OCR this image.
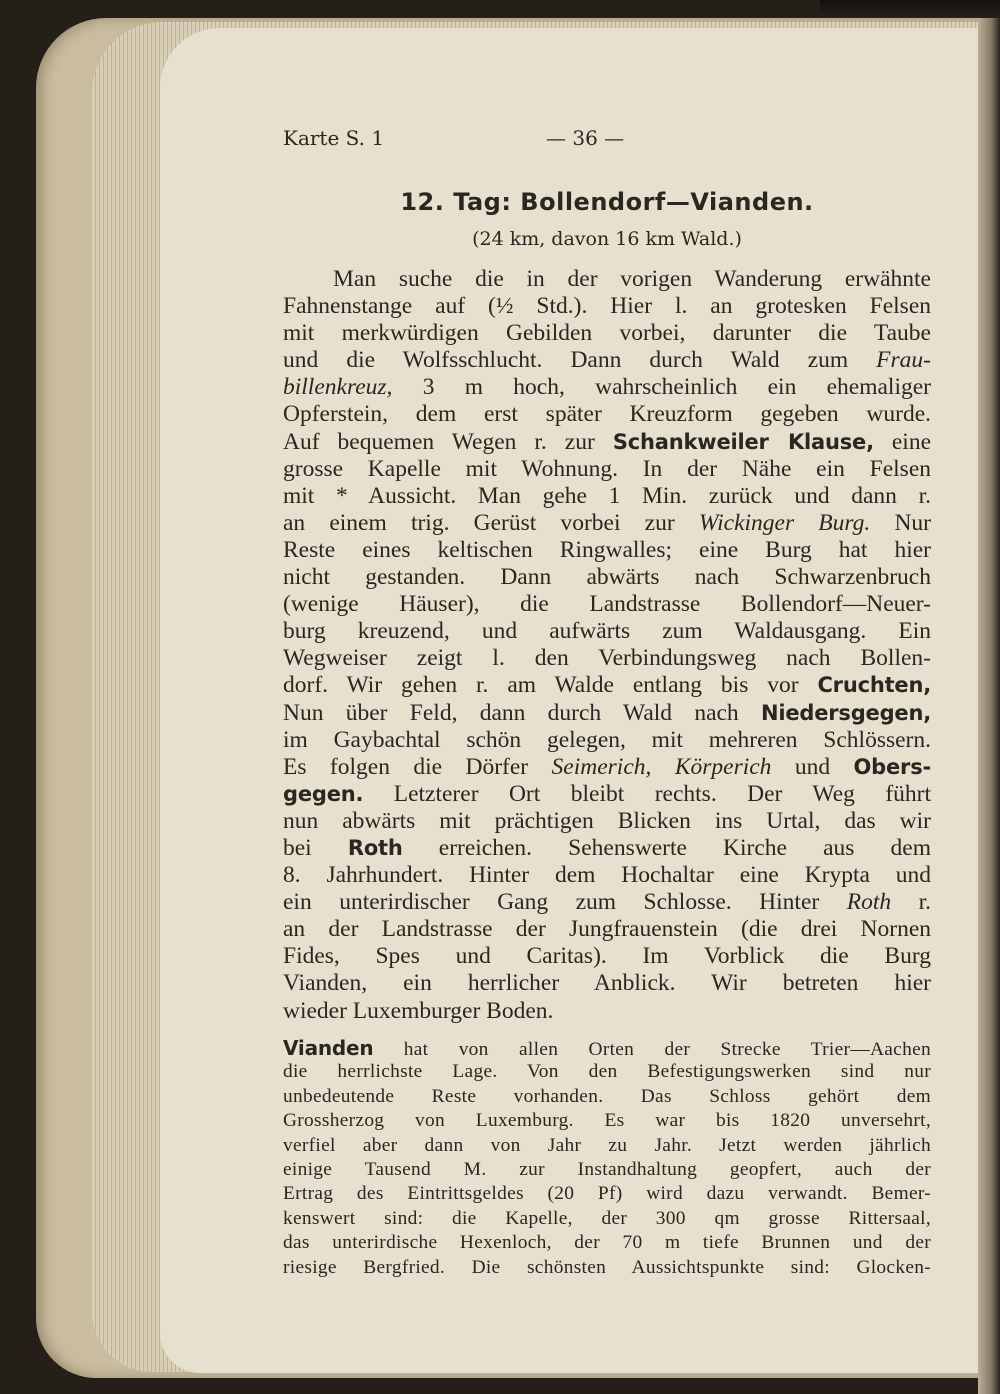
Karte S. 1	— 36 —
12. Tag: Bollendorf—Vianden.
(24 km, davon 16 km Wald.)
Man suche die in der vorigen Wanderung erwähnte
Fahnenstange auf (½ Std.). Hier l. an grotesken Felsen
mit merkwürdigen Gebilden vorbei, darunter die Taube
und die Wolfsschlucht. Dann durch Wald zum Frau-
billenkreuz, 3 m hoch, wahrscheinlich ein ehemaliger
Opferstein, dem erst später Kreuzform gegeben wurde.
Auf bequemen Wegen r. zur Schankweiler Klause, eine
grosse Kapelle mit Wohnung. In der Nähe ein Felsen
mit * Aussicht. Man gehe 1 Min. zurück und dann r.
an einem trig. Gerüst vorbei zur Wickinger Burg. Nur
Reste eines keltischen Ringwalles; eine Burg hat hier
nicht gestanden. Dann abwärts nach Schwarzenbruch
(wenige Häuser), die Landstrasse Bollendorf—Neuer-
burg kreuzend, und aufwärts zum Waldausgang. Ein
Wegweiser zeigt l. den Verbindungsweg nach Bollen-
dorf. Wir gehen r. am Walde entlang bis vor Cruchten,
Nun über Feld, dann durch Wald nach Niedersgegen,
im Gaybachtal schön gelegen, mit mehreren Schlössern.
Es folgen die Dörfer Seimerich, Körperich und Obers-
gegen. Letzterer Ort bleibt rechts. Der Weg führt
nun abwärts mit prächtigen Blicken ins Urtal, das wir
bei Roth erreichen. Sehenswerte Kirche aus dem
8. Jahrhundert. Hinter dem Hochaltar eine Krypta und
ein unterirdischer Gang zum Schlosse. Hinter Roth r.
an der Landstrasse der Jungfrauenstein (die drei Nornen
Fides, Spes und Caritas). Im Vorblick die Burg
Vianden, ein herrlicher Anblick. Wir betreten hier
wieder Luxemburger Boden.
Vianden hat von allen Orten der Strecke Trier—Aachen
die herrlichste Lage. Von den Befestigungswerken sind nur
unbedeutende Reste vorhanden. Das Schloss gehört dem
Grossherzog von Luxemburg. Es war bis 1820 unversehrt,
verfiel aber dann von Jahr zu Jahr. Jetzt werden jährlich
einige Tausend M. zur Instandhaltung geopfert, auch der
Ertrag des Eintrittsgeldes (20 Pf) wird dazu verwandt. Bemer-
kenswert sind: die Kapelle, der 300 qm grosse Rittersaal,
das unterirdische Hexenloch, der 70 m tiefe Brunnen und der
riesige Bergfried. Die schönsten Aussichtspunkte sind: Glocken-
